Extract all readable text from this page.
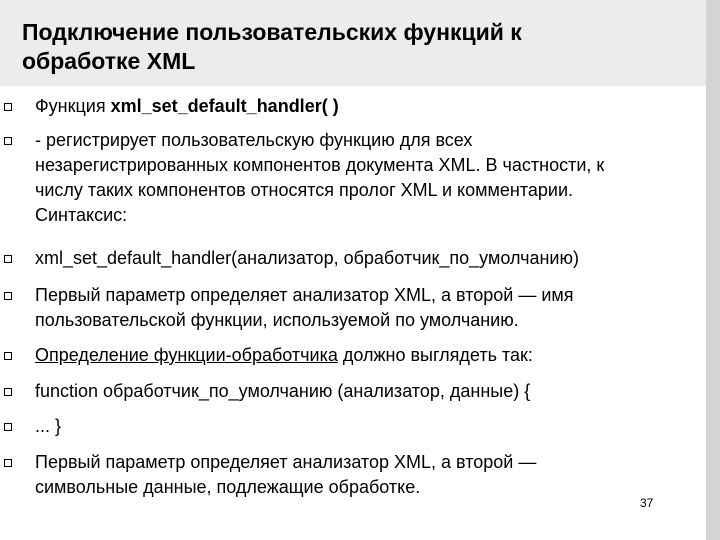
Подключение пользовательских функций к
обработке XML
Функция xml_set_default_handler( )
- регистрирует пользовательскую функцию для всех
незарегистрированных компонентов документа XML. В частности, к
числу таких компонентов относятся пролог XML и комментарии.
Синтаксис:
xml_set_default_handler(анализатор, обработчик_по_умолчанию)
Первый параметр определяет анализатор XML, а второй — имя
пользовательской функции, используемой по умолчанию.
Определение функции-обработчика должно выглядеть так:
function обработчик_по_умолчанию (анализатор, данные) {
... }
Первый параметр определяет анализатор XML, а второй —
символьные данные, подлежащие обработке.
37
